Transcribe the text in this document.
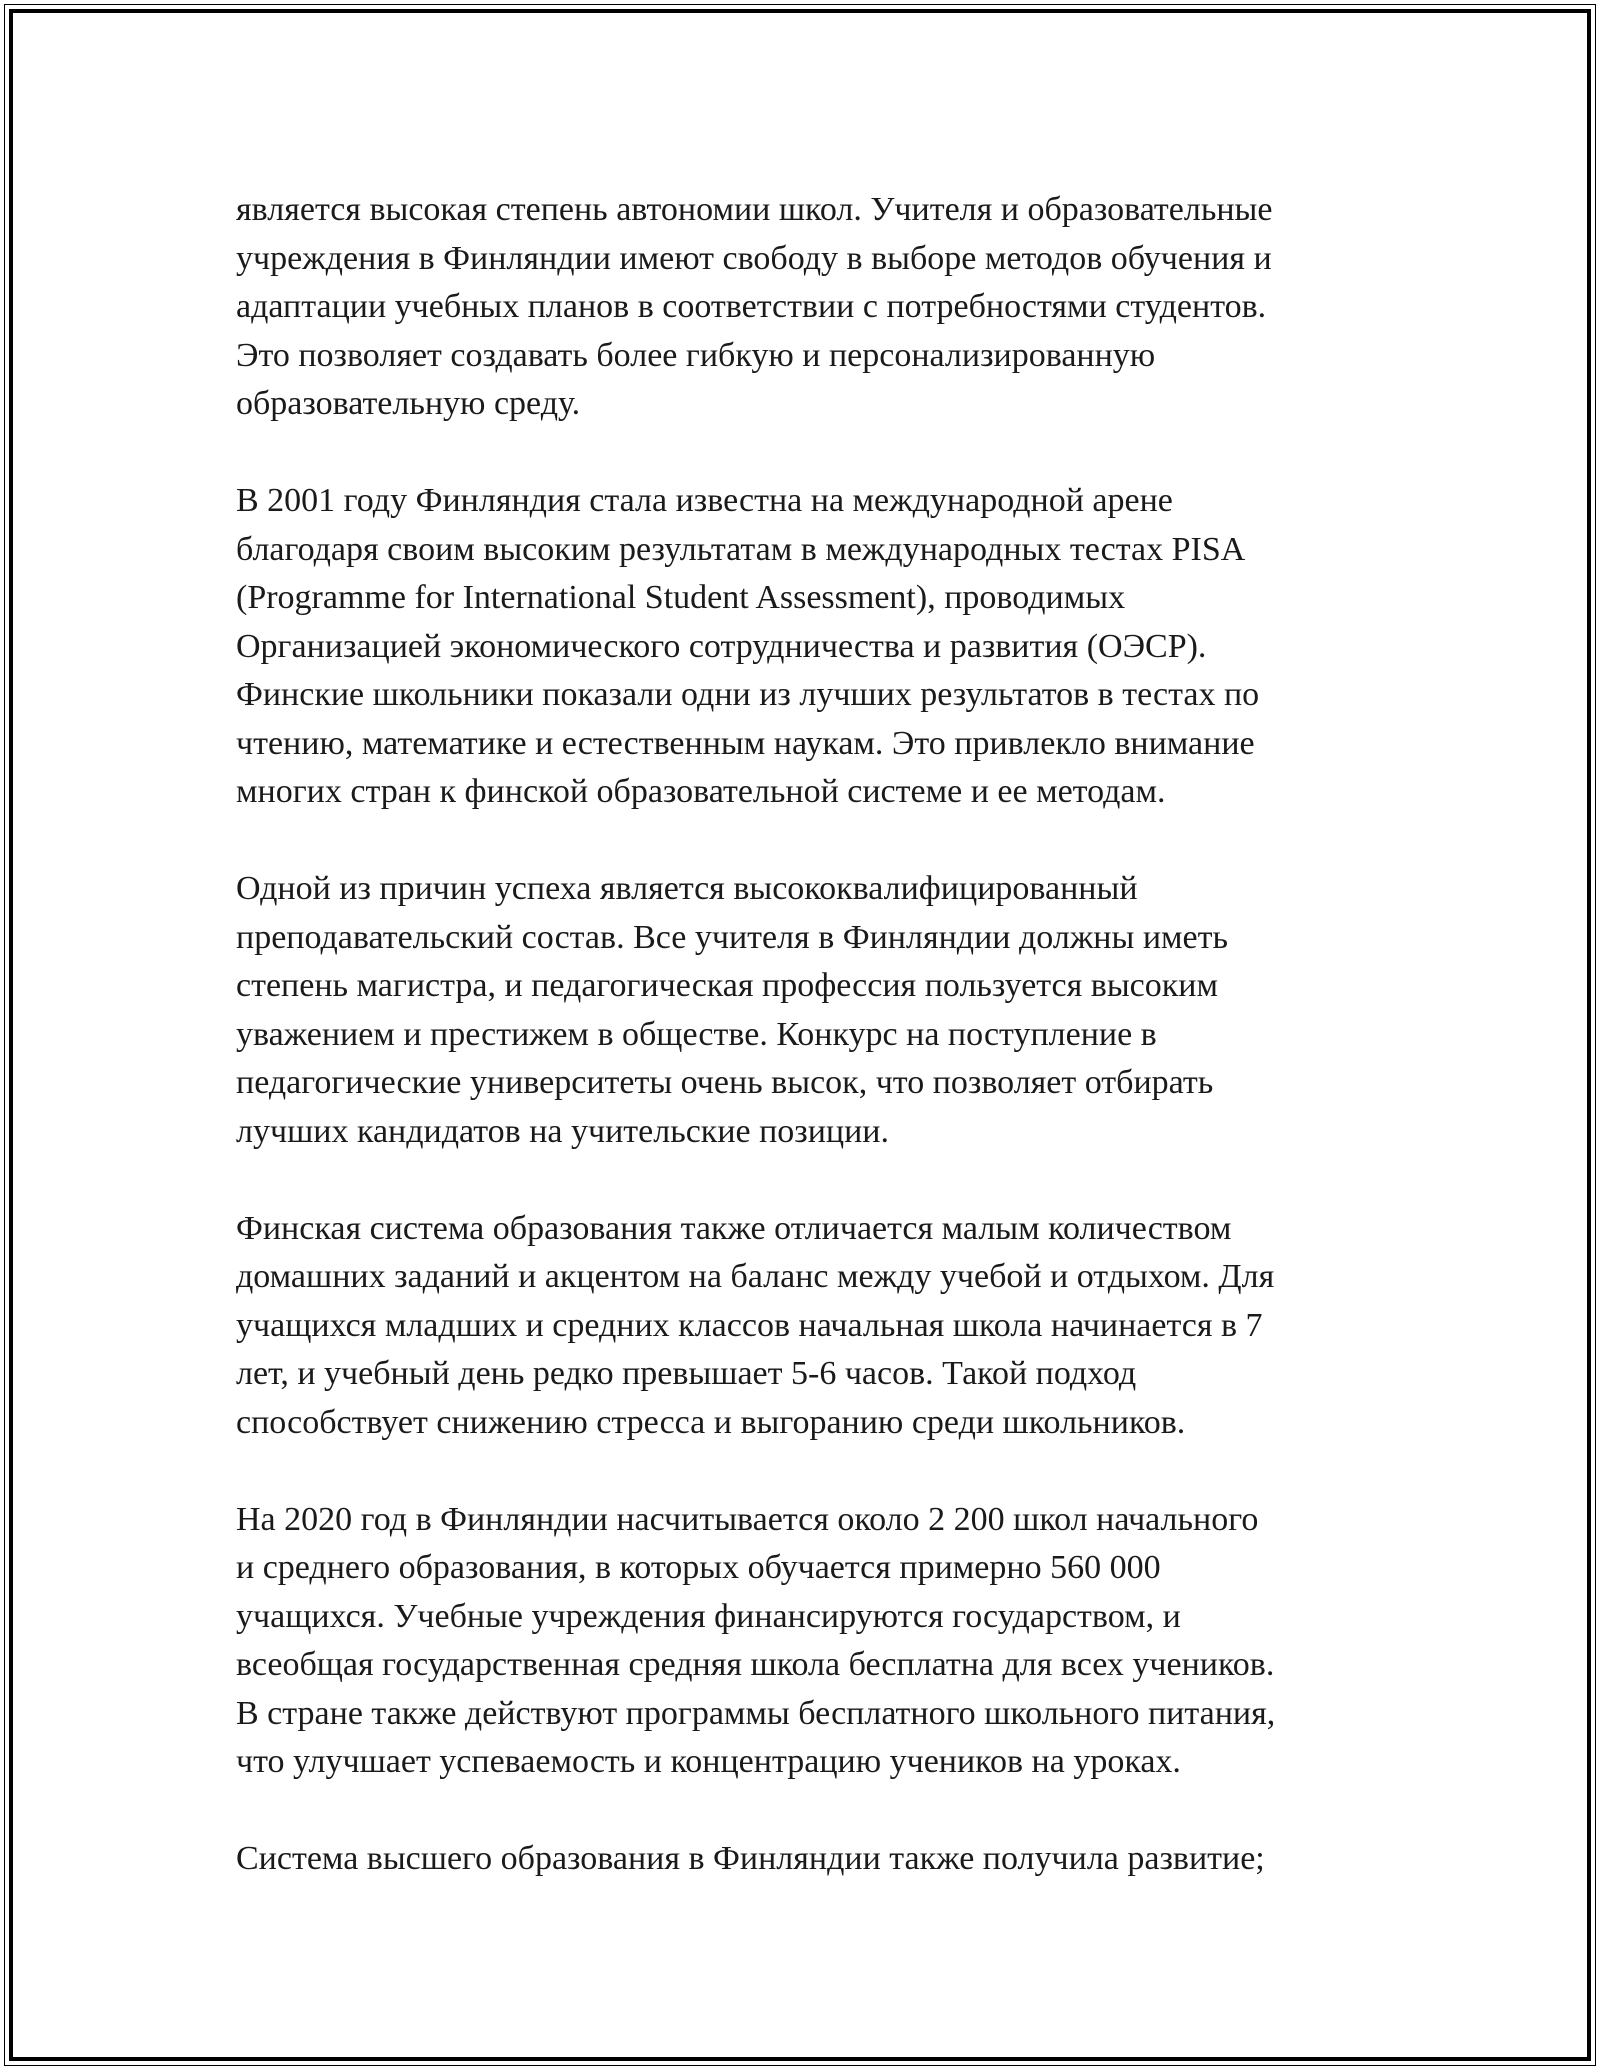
является высокая степень автономии школ. Учителя и образовательные
учреждения в Финляндии имеют свободу в выборе методов обучения и
адаптации учебных планов в соответствии с потребностями студентов.
Это позволяет создавать более гибкую и персонализированную
образовательную среду.

В 2001 году Финляндия стала известна на международной арене
благодаря своим высоким результатам в международных тестах PISA
(Programme for International Student Assessment), проводимых
Организацией экономического сотрудничества и развития (ОЭСР).
Финские школьники показали одни из лучших результатов в тестах по
чтению, математике и естественным наукам. Это привлекло внимание
многих стран к финской образовательной системе и ее методам.

Одной из причин успеха является высококвалифицированный
преподавательский состав. Все учителя в Финляндии должны иметь
степень магистра, и педагогическая профессия пользуется высоким
уважением и престижем в обществе. Конкурс на поступление в
педагогические университеты очень высок, что позволяет отбирать
лучших кандидатов на учительские позиции.

Финская система образования также отличается малым количеством
домашних заданий и акцентом на баланс между учебой и отдыхом. Для
учащихся младших и средних классов начальная школа начинается в 7
лет, и учебный день редко превышает 5-6 часов. Такой подход
способствует снижению стресса и выгоранию среди школьников.

На 2020 год в Финляндии насчитывается около 2 200 школ начального
и среднего образования, в которых обучается примерно 560 000
учащихся. Учебные учреждения финансируются государством, и
всеобщая государственная средняя школа бесплатна для всех учеников.
В стране также действуют программы бесплатного школьного питания,
что улучшает успеваемость и концентрацию учеников на уроках.

Система высшего образования в Финляндии также получила развитие;
